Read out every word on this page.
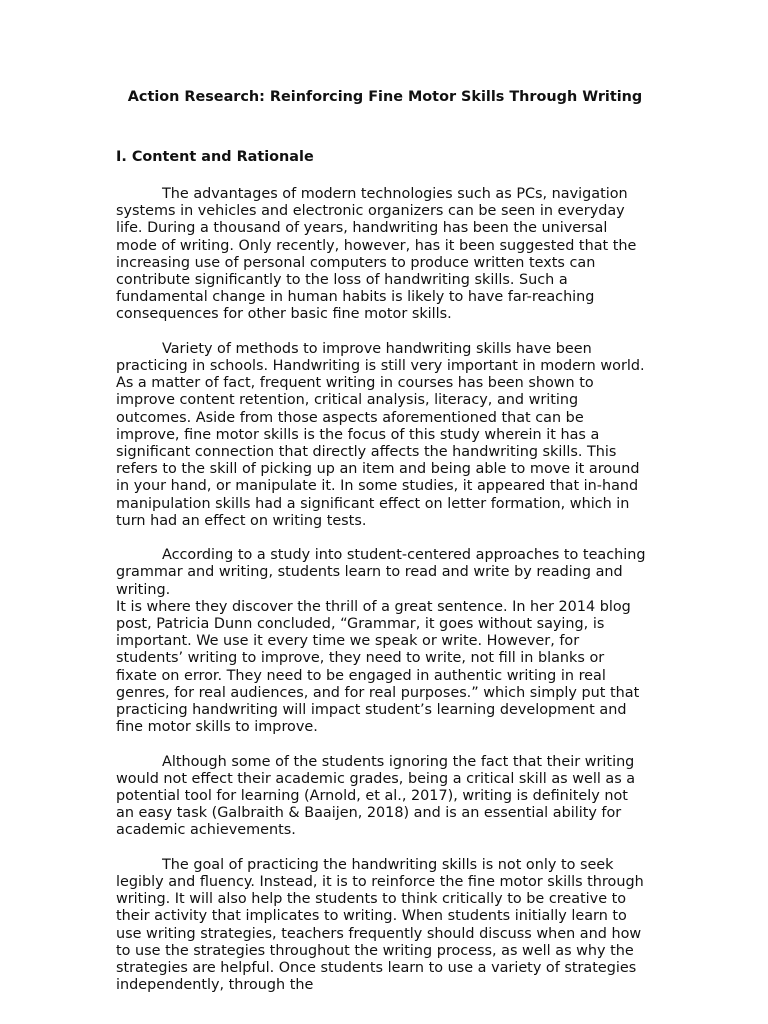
Action Research: Reinforcing Fine Motor Skills Through Writing
I. Content and Rationale

The advantages of modern technologies such as PCs, navigation systems in vehicles and electronic organizers can be seen in everyday life. During a thousand of years, handwriting has been the universal mode of writing. Only recently, however, has it been suggested that the increasing use of personal computers to produce written texts can contribute significantly to the loss of handwriting skills. Such a fundamental change in human habits is likely to have far-reaching consequences for other basic fine motor skills.

Variety of methods to improve handwriting skills have been practicing in schools. Handwriting is still very important in modern world. As a matter of fact, frequent writing in courses has been shown to improve content retention, critical analysis, literacy, and writing outcomes. Aside from those aspects aforementioned that can be improve, fine motor skills is the focus of this study wherein it has a significant connection that directly affects the handwriting skills. This refers to the skill of picking up an item and being able to move it around in your hand, or manipulate it. In some studies, it appeared that in-hand manipulation skills had a significant effect on letter formation, which in turn had an effect on writing tests.

According to a study into student-centered approaches to teaching grammar and writing, students learn to read and write by reading and writing.

It is where they discover the thrill of a great sentence. In her 2014 blog post, Patricia Dunn concluded, “Grammar, it goes without saying, is important. We use it every time we speak or write. However, for students’ writing to improve, they need to write, not fill in blanks or fixate on error. They need to be engaged in authentic writing in real genres, for real audiences, and for real purposes.” which simply put that practicing handwriting will impact student’s learning development and fine motor skills to improve.

Although some of the students ignoring the fact that their writing would not effect their academic grades, being a critical skill as well as a potential tool for learning (Arnold, et al., 2017), writing is definitely not an easy task (Galbraith & Baaijen, 2018) and is an essential ability for academic achievements.

The goal of practicing the handwriting skills is not only to seek legibly and fluency. Instead, it is to reinforce the fine motor skills through writing. It will also help the students to think critically to be creative to their activity that implicates to writing. When students initially learn to use writing strategies, teachers frequently should discuss when and how to use the strategies throughout the writing process, as well as why the strategies are helpful. Once students learn to use a variety of strategies independently, through the
